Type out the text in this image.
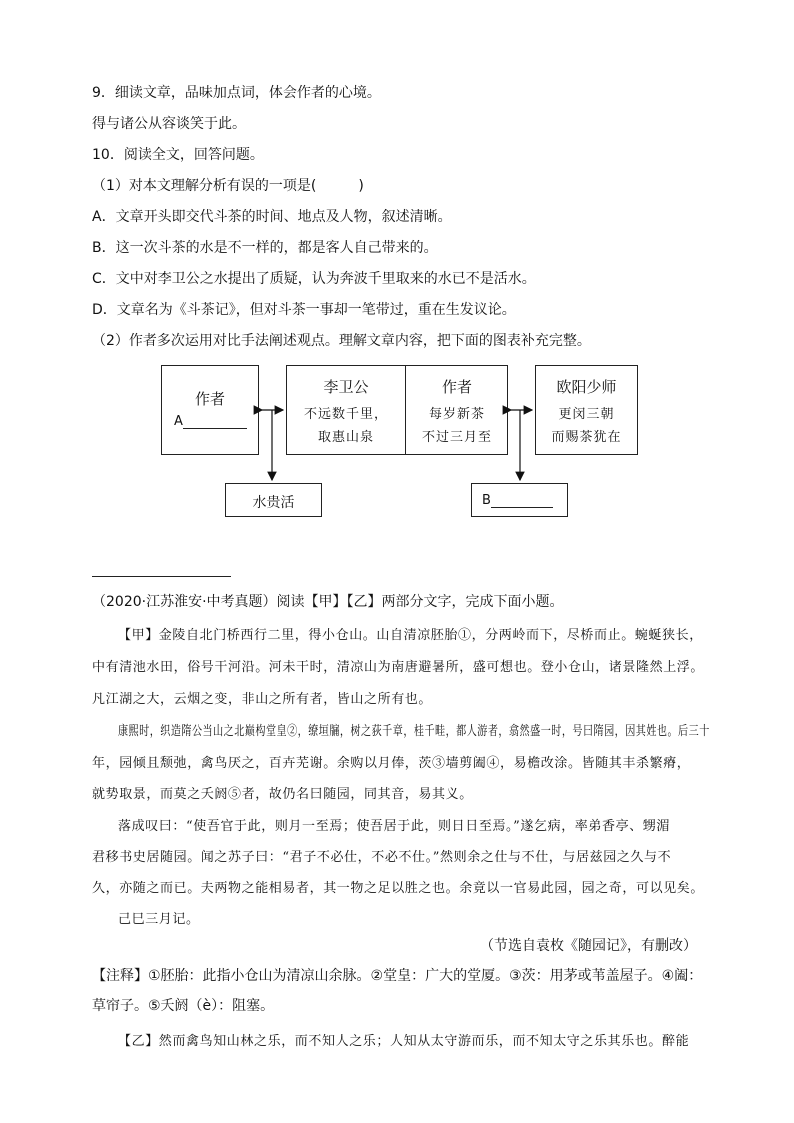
9．细读文章，品味加点词，体会作者的心境。
得与诸公从容谈笑于此。
10．阅读全文，回答问题。
（1）对本文理解分析有误的一项是(　　　)
A．文章开头即交代斗茶的时间、地点及人物，叙述清晰。
B．这一次斗茶的水是不一样的，都是客人自己带来的。
C．文中对李卫公之水提出了质疑，认为奔波千里取来的水已不是活水。
D．文章名为《斗茶记》，但对斗茶一事却一笔带过，重在生发议论。
（2）作者多次运用对比手法阐述观点。理解文章内容，把下面的图表补充完整。
作者
A
李卫公
不远数千里，
取惠山泉
作者
每岁新茶
不过三月至
欧阳少师
更闵三朝
而赐茶犹在
水贵活	B
（2020·江苏淮安·中考真题）阅读【甲】【乙】两部分文字，完成下面小题。
【甲】金陵自北门桥西行二里，得小仓山。山自清凉胚胎①，分两岭而下，尽桥而止。蜿蜒狭长，
中有清池水田，俗号干河沿。河未干时，清凉山为南唐避暑所，盛可想也。登小仓山，诸景隆然上浮。
凡江湖之大，云烟之变，非山之所有者，皆山之所有也。
康熙时，织造隋公当山之北巅构堂皇②，缭垣牖，树之荻千章，桂千畦，都人游者，翕然盛一时，号曰隋园，因其姓也。后三十
年，园倾且颓弛，禽鸟厌之，百卉芜谢。余购以月俸，茨③墙剪阖④，易檐改涂。皆随其丰杀繁瘠，
就势取景，而莫之夭阏⑤者，故仍名曰随园，同其音，易其义。
落成叹曰：“使吾官于此，则月一至焉；使吾居于此，则日日至焉。”遂乞病，率弟香亭、甥湄
君移书史居随园。闻之苏子曰：“君子不必仕，不必不仕。”然则余之仕与不仕，与居兹园之久与不
久，亦随之而已。夫两物之能相易者，其一物之足以胜之也。余竟以一官易此园，园之奇，可以见矣。
己巳三月记。
（节选自袁枚《随园记》，有删改）
【注释】①胚胎：此指小仓山为清凉山余脉。②堂皇：广大的堂厦。③茨：用茅或苇盖屋子。④阖：
草帘子。⑤夭阏（è）：阻塞。
【乙】然而禽鸟知山林之乐，而不知人之乐；人知从太守游而乐，而不知太守之乐其乐也。醉能
